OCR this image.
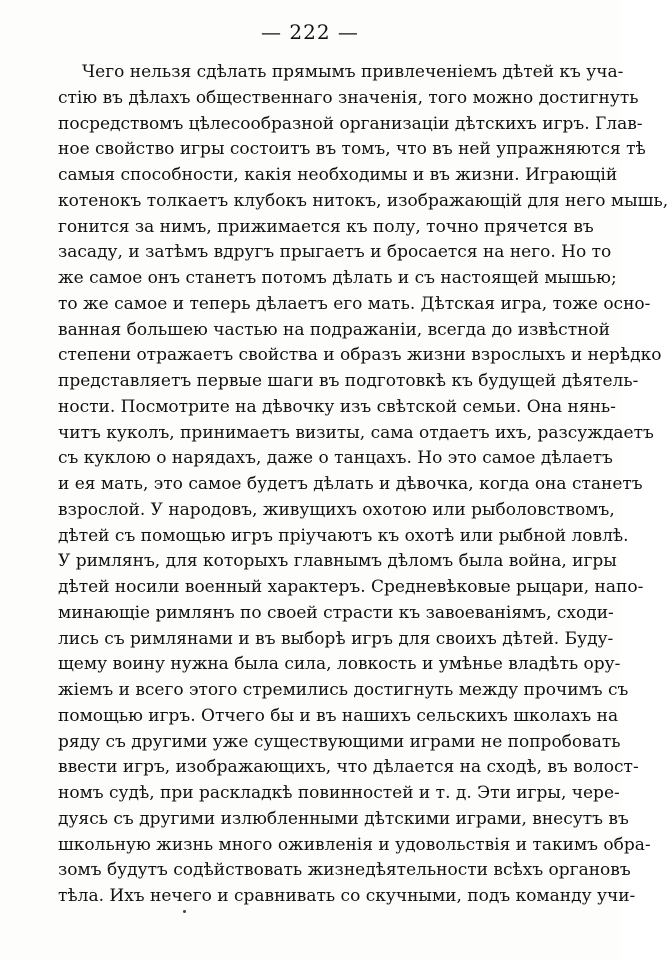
— 222 —
Чего нельзя сдѣлать прямымъ привлеченіемъ дѣтей къ уча-
стію въ дѣлахъ общественнаго значенія, того можно достигнуть
посредствомъ цѣлесообразной организаціи дѣтскихъ игръ. Глав-
ное свойство игры состоитъ въ томъ, что въ ней упражняются тѣ
самыя способности, какія необходимы и въ жизни. Играющій
котенокъ толкаетъ клубокъ нитокъ, изображающій для него мышь,
гонится за нимъ, прижимается къ полу, точно прячется въ
засаду, и затѣмъ вдругъ прыгаетъ и бросается на него. Но то
же самое онъ станетъ потомъ дѣлать и съ настоящей мышью;
то же самое и теперь дѣлаетъ его мать. Дѣтская игра, тоже осно-
ванная большею частью на подражаніи, всегда до извѣстной
степени отражаетъ свойства и образъ жизни взрослыхъ и нерѣдко
представляетъ первые шаги въ подготовкѣ къ будущей дѣятель-
ности. Посмотрите на дѣвочку изъ свѣтской семьи. Она нянь-
читъ куколъ, принимаетъ визиты, сама отдаетъ ихъ, разсуждаетъ
съ куклою о нарядахъ, даже о танцахъ. Но это самое дѣлаетъ
и ея мать, это самое будетъ дѣлать и дѣвочка, когда она станетъ
взрослой. У народовъ, живущихъ охотою или рыболовствомъ,
дѣтей съ помощью игръ пріучаютъ къ охотѣ или рыбной ловлѣ.
У римлянъ, для которыхъ главнымъ дѣломъ была война, игры
дѣтей носили военный характеръ. Средневѣковые рыцари, напо-
минающіе римлянъ по своей страсти къ завоеваніямъ, сходи-
лись съ римлянами и въ выборѣ игръ для своихъ дѣтей. Буду-
щему воину нужна была сила, ловкость и умѣнье владѣть ору-
жіемъ и всего этого стремились достигнуть между прочимъ съ
помощью игръ. Отчего бы и въ нашихъ сельскихъ школахъ на
ряду съ другими уже существующими играми не попробовать
ввести игръ, изображающихъ, что дѣлается на сходѣ, въ волост-
номъ судѣ, при раскладкѣ повинностей и т. д. Эти игры, чере-
дуясь съ другими излюбленными дѣтскими играми, внесутъ въ
школьную жизнь много оживленія и удовольствія и такимъ обра-
зомъ будутъ содѣйствовать жизнедѣятельности всѣхъ органовъ
тѣла. Ихъ нечего и сравнивать со скучными, подъ команду учи-
